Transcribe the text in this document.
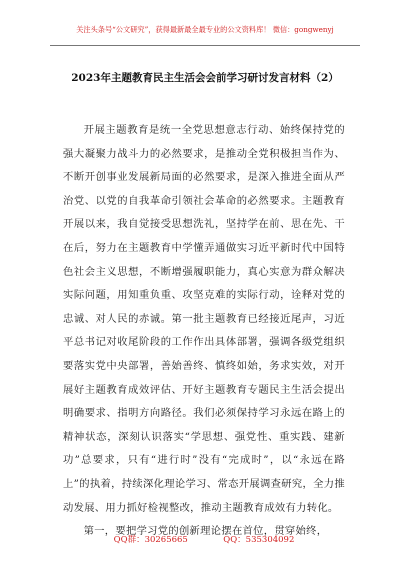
关注头条号“公文研究”，获得最新最全最专业的公文资料库！ 微信：gongwenyj
2023年主题教育民主生活会会前学习研讨发言材料（2）

开展主题教育是统一全党思想意志行动、始终保持党的强大凝聚力战斗力的必然要求，是推动全党积极担当作为、不断开创事业发展新局面的必然要求，是深入推进全面从严治党、以党的自我革命引领社会革命的必然要求。主题教育开展以来，我自觉接受思想洗礼，坚持学在前、思在先、干在后，努力在主题教育中学懂弄通做实习近平新时代中国特色社会主义思想，不断增强履职能力，真心实意为群众解决实际问题，用知重负重、攻坚克难的实际行动，诠释对党的忠诚、对人民的赤诚。第一批主题教育已经接近尾声，习近平总书记对收尾阶段的工作作出具体部署，强调各级党组织要落实党中央部署，善始善终、慎终如始，务求实效，对开展好主题教育成效评估、开好主题教育专题民主生活会提出明确要求、指明方向路径。我们必须保持学习永远在路上的精神状态，深刻认识落实“学思想、强党性、重实践、建新功”总要求，只有“进行时”没有“完成时”，以“永远在路上”的执着，持续深化理论学习、常态开展调查研究，全力推动发展、用力抓好检视整改，推动主题教育成效有力转化。

第一，要把学习党的创新理论摆在首位，贯穿始终，

QQ群：30265665	QQ：535304092
